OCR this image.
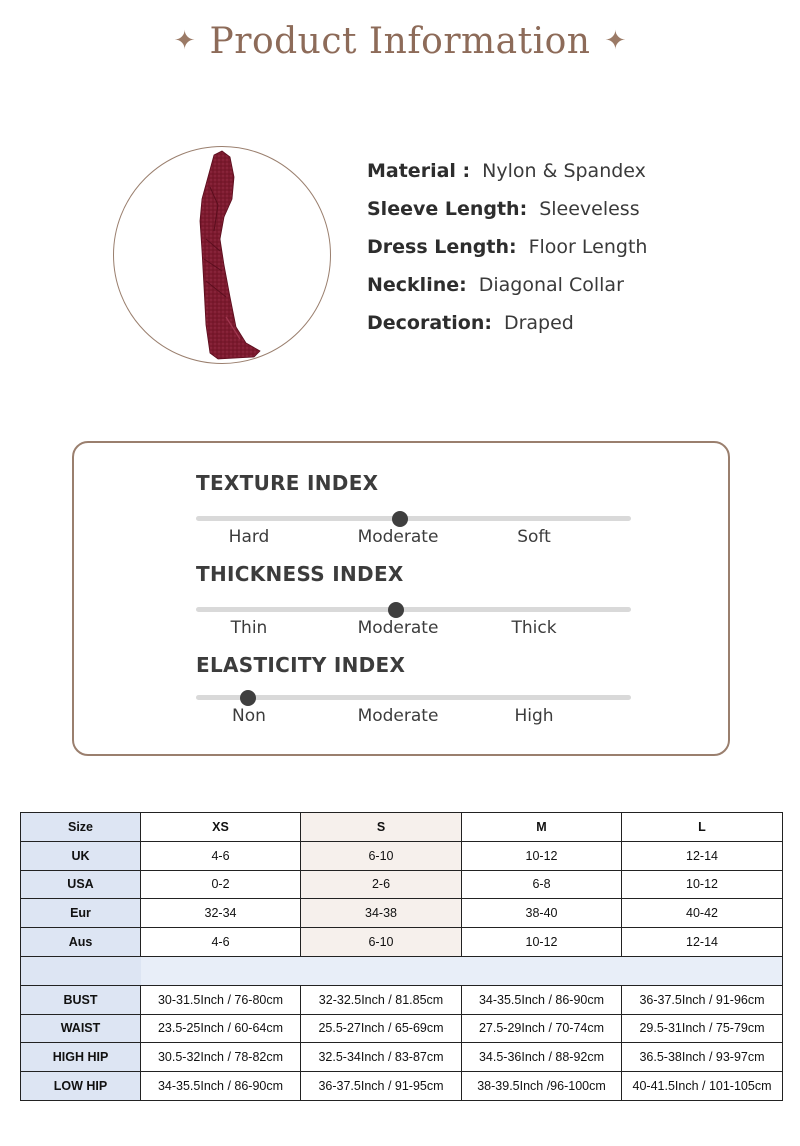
✦ Product Information ✦
Material : Nylon & Spandex
Sleeve Length: Sleeveless
Dress Length: Floor Length
Neckline: Diagonal Collar
Decoration: Draped
TEXTURE INDEX
Hard	Moderate	Soft
THICKNESS INDEX
Thin	Moderate	Thick
ELASTICITY INDEX
Non	Moderate	High
Size	XS	S	M	L
UK	4-6	6-10	10-12	12-14
USA	0-2	2-6	6-8	10-12
Eur	32-34	34-38	38-40	40-42
Aus	4-6	6-10	10-12	12-14

BUST	30-31.5Inch / 76-80cm	32-32.5Inch / 81.85cm	34-35.5Inch / 86-90cm	36-37.5Inch / 91-96cm
WAIST	23.5-25Inch / 60-64cm	25.5-27Inch / 65-69cm	27.5-29Inch / 70-74cm	29.5-31Inch / 75-79cm
HIGH HIP	30.5-32Inch / 78-82cm	32.5-34Inch / 83-87cm	34.5-36Inch / 88-92cm	36.5-38Inch / 93-97cm
LOW HIP	34-35.5Inch / 86-90cm	36-37.5Inch / 91-95cm	38-39.5Inch /96-100cm	40-41.5Inch / 101-105cm
